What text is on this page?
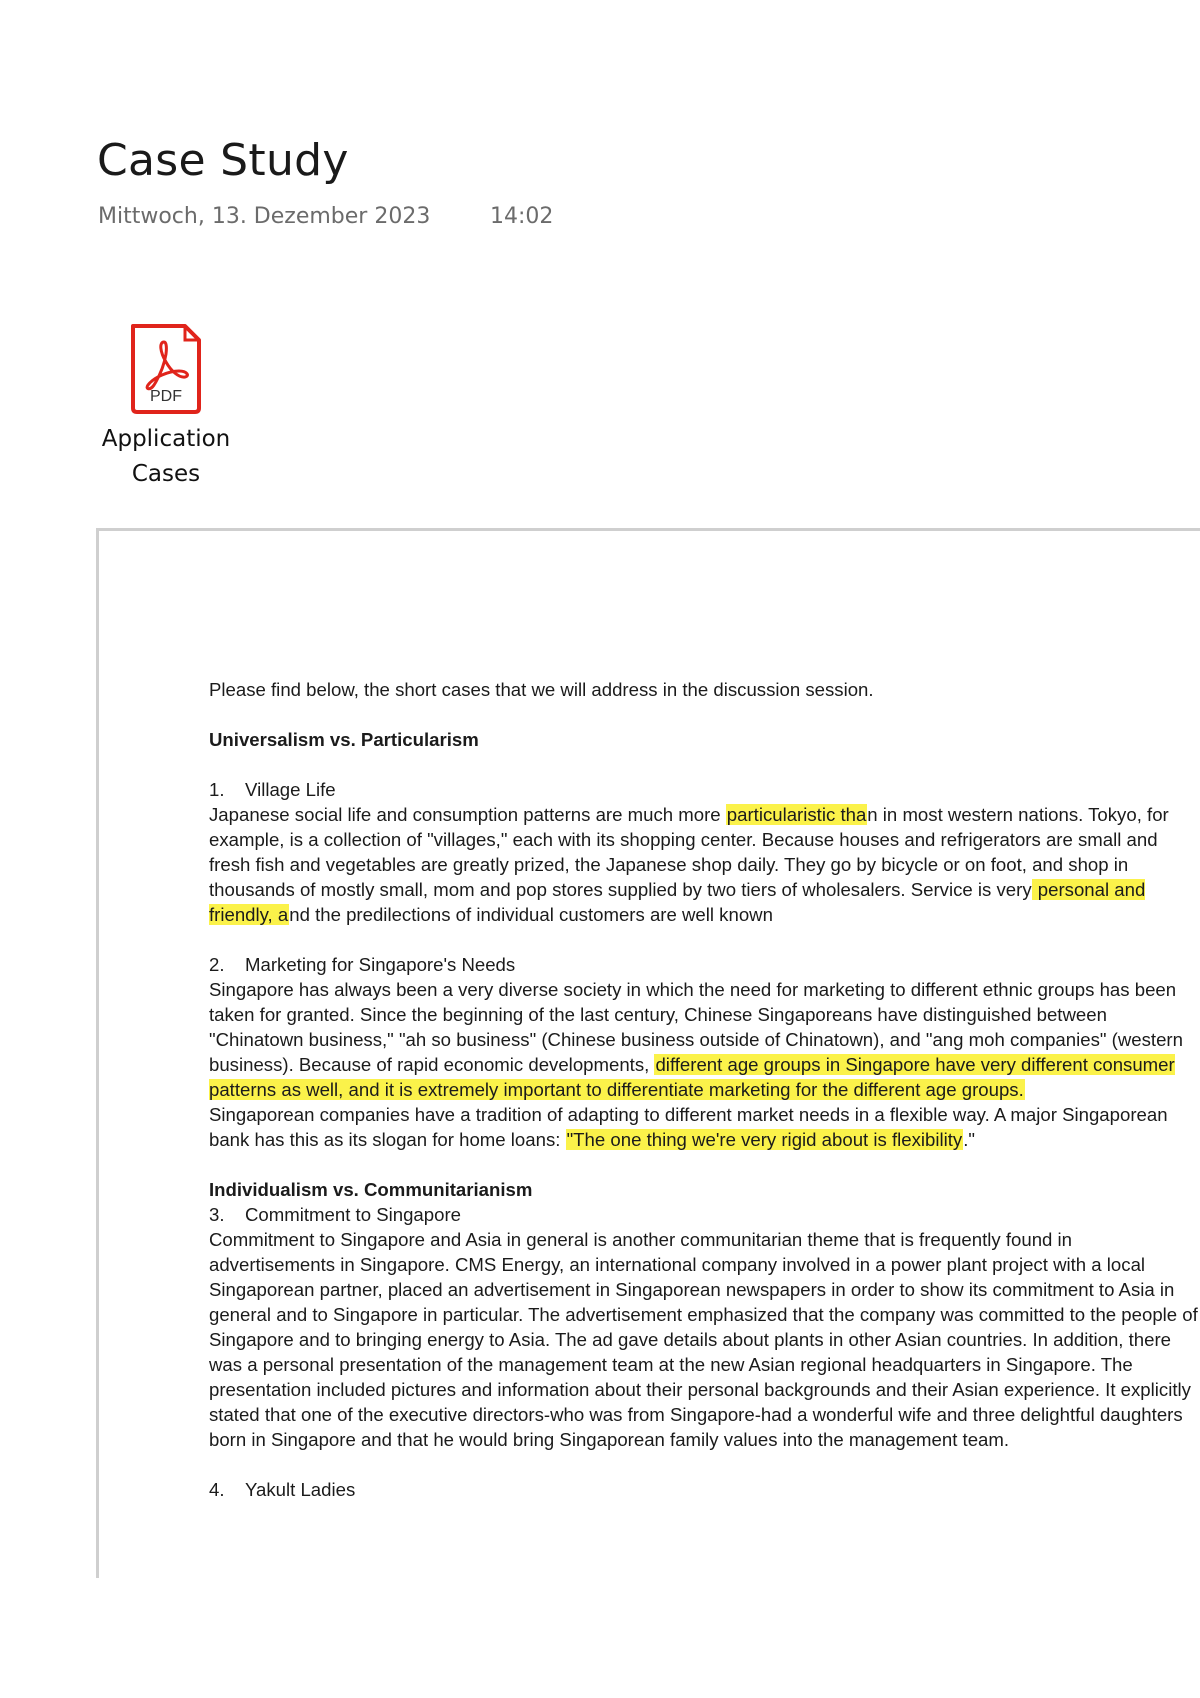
Case Study
Mittwoch, 13. Dezember 2023	14:02
PDF
Application
Cases

Please find below, the short cases that we will address in the discussion session.

Universalism vs. Particularism

1. Village Life

Japanese social life and consumption patterns are much more particularistic than in most western nations. Tokyo, for example, is a collection of "villages," each with its shopping center. Because houses and refrigerators are small and fresh fish and vegetables are greatly prized, the Japanese shop daily. They go by bicycle or on foot, and shop in thousands of mostly small, mom and pop stores supplied by two tiers of wholesalers. Service is very personal and friendly, and the predilections of individual customers are well known

2. Marketing for Singapore's Needs

Singapore has always been a very diverse society in which the need for marketing to different ethnic groups has been taken for granted. Since the beginning of the last century, Chinese Singaporeans have distinguished between "Chinatown business," "ah so business" (Chinese business outside of Chinatown), and "ang moh companies" (western business). Because of rapid economic developments, different age groups in Singapore have very different consumer patterns as well, and it is extremely important to differentiate marketing for the different age groups.

Singaporean companies have a tradition of adapting to different market needs in a flexible way. A major Singaporean bank has this as its slogan for home loans: "The one thing we're very rigid about is flexibility."

Individualism vs. Communitarianism

3. Commitment to Singapore

Commitment to Singapore and Asia in general is another communitarian theme that is frequently found in advertisements in Singapore. CMS Energy, an international company involved in a power plant project with a local Singaporean partner, placed an advertisement in Singaporean newspapers in order to show its commitment to Asia in general and to Singapore in particular. The advertisement emphasized that the company was committed to the people of Singapore and to bringing energy to Asia. The ad gave details about plants in other Asian countries. In addition, there was a personal presentation of the management team at the new Asian regional headquarters in Singapore. The presentation included pictures and information about their personal backgrounds and their Asian experience. It explicitly stated that one of the executive directors-who was from Singapore-had a wonderful wife and three delightful daughters born in Singapore and that he would bring Singaporean family values into the management team.

4. Yakult Ladies
